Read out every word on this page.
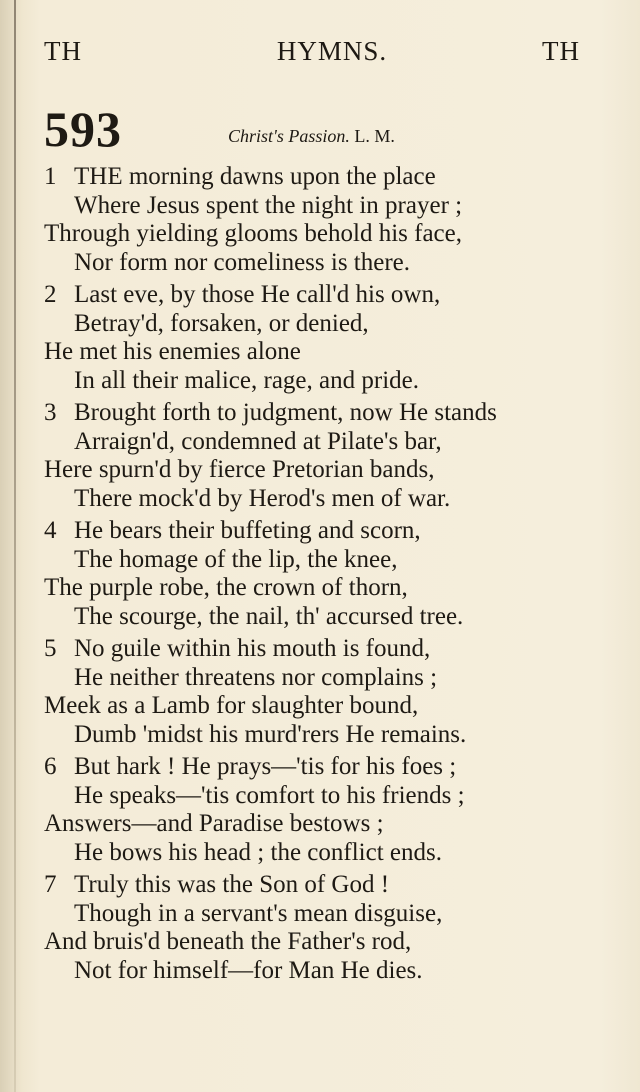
TH	HYMNS.	TH
593	Christ's Passion. L. M.
1 THE morning dawns upon the place
Where Jesus spent the night in prayer ;
Through yielding glooms behold his face,
Nor form nor comeliness is there.
2 Last eve, by those He call'd his own,
Betray'd, forsaken, or denied,
He met his enemies alone
In all their malice, rage, and pride.
3 Brought forth to judgment, now He stands
Arraign'd, condemned at Pilate's bar,
Here spurn'd by fierce Pretorian bands,
There mock'd by Herod's men of war.
4 He bears their buffeting and scorn,
The homage of the lip, the knee,
The purple robe, the crown of thorn,
The scourge, the nail, th' accursed tree.
5 No guile within his mouth is found,
He neither threatens nor complains ;
Meek as a Lamb for slaughter bound,
Dumb 'midst his murd'rers He remains.
6 But hark ! He prays—'tis for his foes ;
He speaks—'tis comfort to his friends ;
Answers—and Paradise bestows ;
He bows his head ; the conflict ends.
7 Truly this was the Son of God !
Though in a servant's mean disguise,
And bruis'd beneath the Father's rod,
Not for himself—for Man He dies.
